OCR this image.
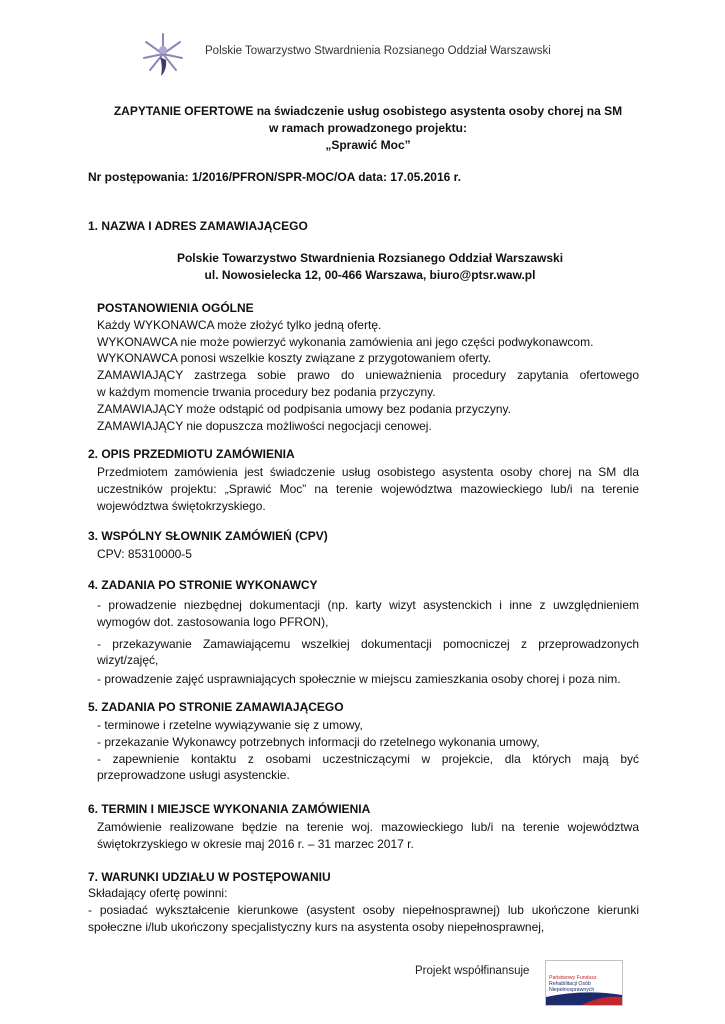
Polskie Towarzystwo Stwardnienia Rozsianego Oddział Warszawski
ZAPYTANIE OFERTOWE na świadczenie usług osobistego asystenta osoby chorej na SM
w ramach prowadzonego projektu:
„Sprawić Moc”
Nr postępowania: 1/2016/PFRON/SPR-MOC/OA data: 17.05.2016 r.
1. NAZWA I ADRES ZAMAWIAJĄCEGO
Polskie Towarzystwo Stwardnienia Rozsianego Oddział Warszawski
ul. Nowosielecka 12, 00-466 Warszawa, biuro@ptsr.waw.pl

POSTANOWIENIA OGÓLNE

Każdy WYKONAWCA może złożyć tylko jedną ofertę.

WYKONAWCA nie może powierzyć wykonania zamówienia ani jego części podwykonawcom.

WYKONAWCA ponosi wszelkie koszty związane z przygotowaniem oferty.

ZAMAWIAJĄCY zastrzega sobie prawo do unieważnienia procedury zapytania ofertowego

w każdym momencie trwania procedury bez podania przyczyny.

ZAMAWIAJĄCY może odstąpić od podpisania umowy bez podania przyczyny.

ZAMAWIAJĄCY nie dopuszcza możliwości negocjacji cenowej.

2. OPIS PRZEDMIOTU ZAMÓWIENIA

Przedmiotem zamówienia jest świadczenie usług osobistego asystenta osoby chorej na SM dla

uczestników projektu: „Sprawić Moc” na terenie województwa mazowieckiego lub/i na terenie

województwa świętokrzyskiego.

3. WSPÓLNY SŁOWNIK ZAMÓWIEŃ (CPV)

CPV: 85310000-5

4. ZADANIA PO STRONIE WYKONAWCY

- prowadzenie niezbędnej dokumentacji (np. karty wizyt asystenckich i inne z uwzględnieniem

wymogów dot. zastosowania logo PFRON),

- przekazywanie Zamawiającemu wszelkiej dokumentacji pomocniczej z przeprowadzonych

wizyt/zajęć,

- prowadzenie zajęć usprawniających społecznie w miejscu zamieszkania osoby chorej i poza nim.

5. ZADANIA PO STRONIE ZAMAWIAJĄCEGO

- terminowe i rzetelne wywiązywanie się z umowy,

- przekazanie Wykonawcy potrzebnych informacji do rzetelnego wykonania umowy,

- zapewnienie kontaktu z osobami uczestniczącymi w projekcie, dla których mają być

przeprowadzone usługi asystenckie.

6. TERMIN I MIEJSCE WYKONANIA ZAMÓWIENIA

Zamówienie realizowane będzie na terenie woj. mazowieckiego lub/i na terenie województwa

świętokrzyskiego w okresie maj 2016 r. – 31 marzec 2017 r.

7. WARUNKI UDZIAŁU W POSTĘPOWANIU

Składający ofertę powinni:

- posiadać wykształcenie kierunkowe (asystent osoby niepełnosprawnej) lub ukończone kierunki

społeczne i/lub ukończony specjalistyczny kurs na asystenta osoby niepełnosprawnej,

Projekt współfinansuje
Państwowy Fundusz
Rehabilitacji Osób
Niepełnosprawnych
